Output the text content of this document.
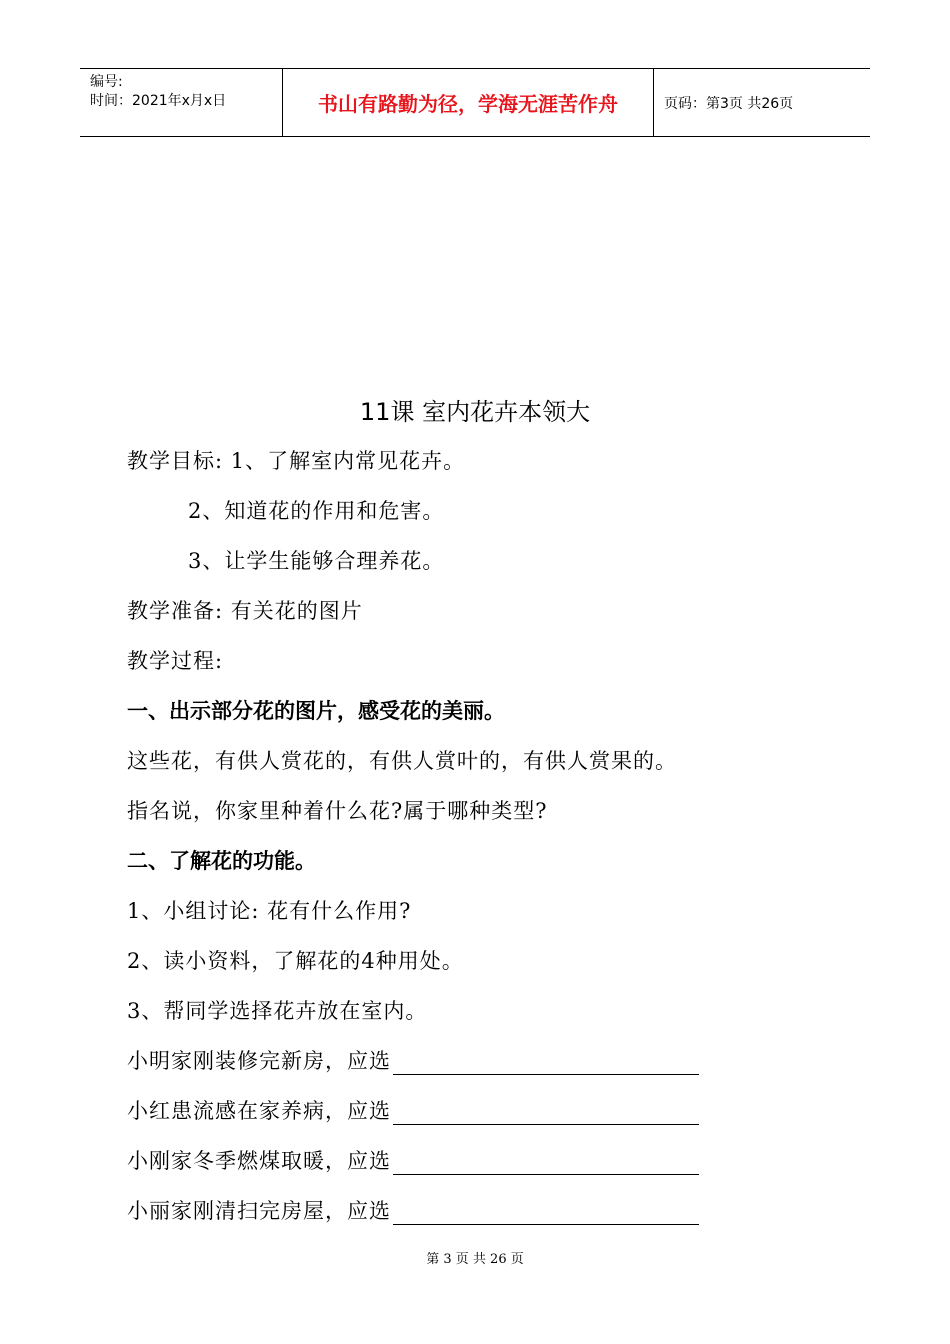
编号:
时间：2021年x月x日	书山有路勤为径，学海无涯苦作舟	页码：第3页 共26页
11课 室内花卉本领大
教学目标: 1、了解室内常见花卉。
2、知道花的作用和危害。
3、让学生能够合理养花。
教学准备: 有关花的图片
教学过程:
一、出示部分花的图片，感受花的美丽。
这些花，有供人赏花的，有供人赏叶的，有供人赏果的。
指名说，你家里种着什么花?属于哪种类型?
二、了解花的功能。
1、小组讨论: 花有什么作用?
2、读小资料，了解花的4种用处。
3、帮同学选择花卉放在室内。
小明家刚装修完新房，应选
小红患流感在家养病，应选
小刚家冬季燃煤取暖，应选
小丽家刚清扫完房屋，应选
第 3 页 共 26 页
